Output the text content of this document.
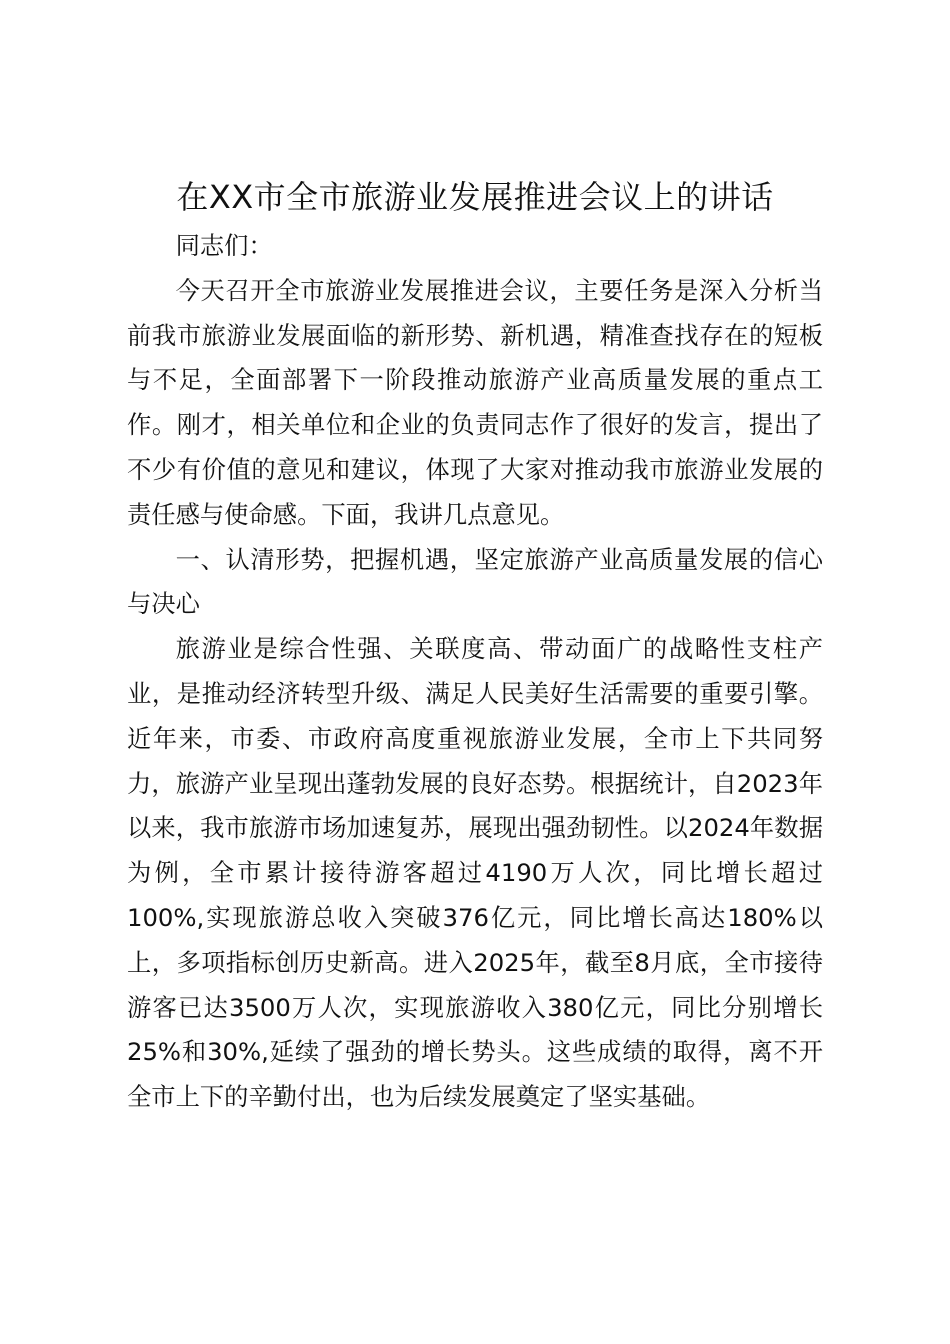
在XX市全市旅游业发展推进会议上的讲话

同志们：

今天召开全市旅游业发展推进会议，主要任务是深入分析当前我市旅游业发展面临的新形势、新机遇，精准查找存在的短板与不足，全面部署下一阶段推动旅游产业高质量发展的重点工作。刚才，相关单位和企业的负责同志作了很好的发言，提出了不少有价值的意见和建议，体现了大家对推动我市旅游业发展的责任感与使命感。下面，我讲几点意见。

一、认清形势，把握机遇，坚定旅游产业高质量发展的信心与决心

旅游业是综合性强、关联度高、带动面广的战略性支柱产业，是推动经济转型升级、满足人民美好生活需要的重要引擎。近年来，市委、市政府高度重视旅游业发展，全市上下共同努力，旅游产业呈现出蓬勃发展的良好态势。根据统计，自2023年以来，我市旅游市场加速复苏，展现出强劲韧性。以2024年数据为例，全市累计接待游客超过4190万人次，同比增长超过100%,实现旅游总收入突破376亿元，同比增长高达180%以上，多项指标创历史新高。进入2025年，截至8月底，全市接待游客已达3500万人次，实现旅游收入380亿元，同比分别增长25%和30%,延续了强劲的增长势头。这些成绩的取得，离不开全市上下的辛勤付出，也为后续发展奠定了坚实基础。
